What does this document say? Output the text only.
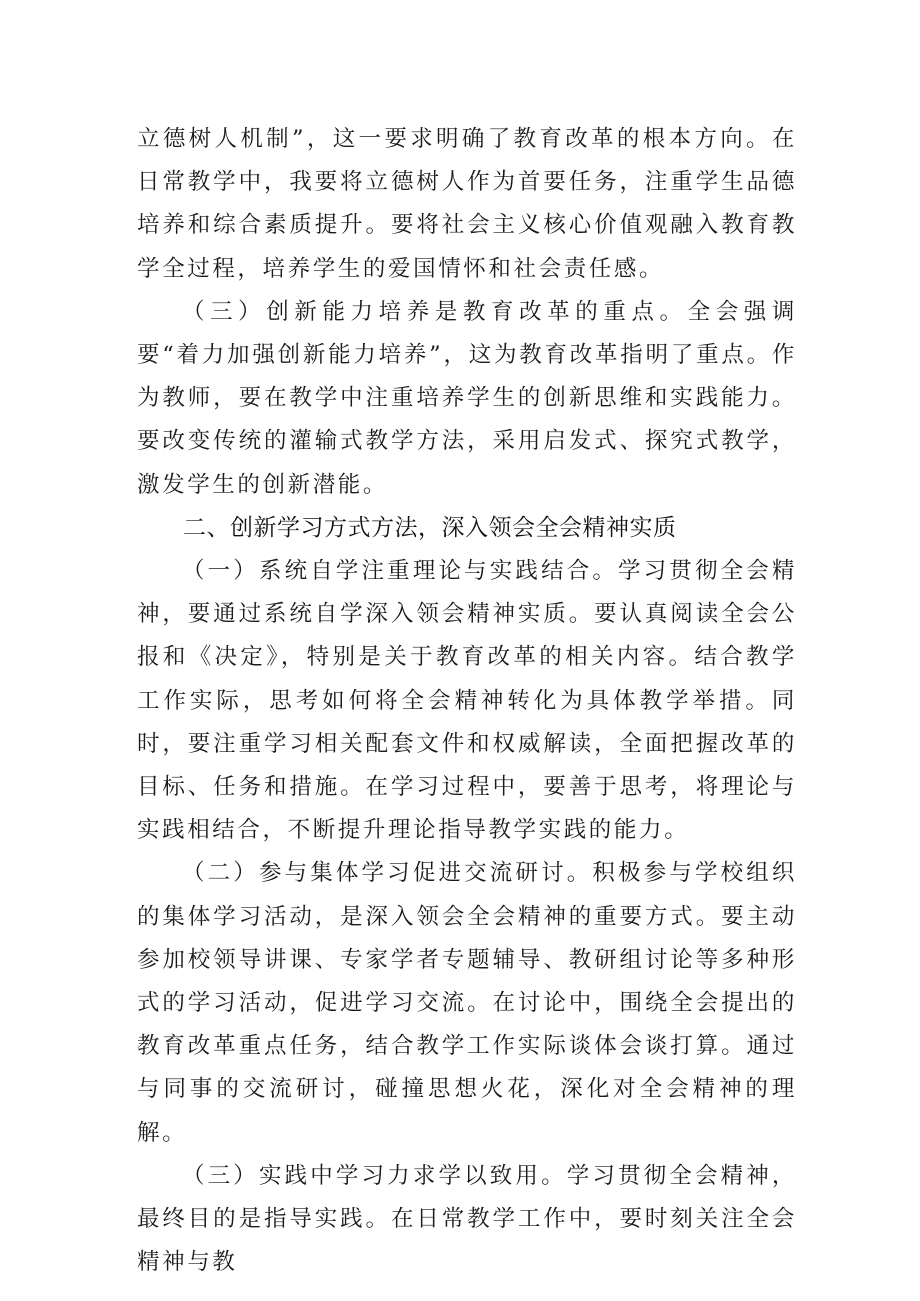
立德树人机制”，这一要求明确了教育改革的根本方向。在日常教学中，我要将立德树人作为首要任务，注重学生品德培养和综合素质提升。要将社会主义核心价值观融入教育教学全过程，培养学生的爱国情怀和社会责任感。

（三）创新能力培养是教育改革的重点。全会强调要“着力加强创新能力培养”，这为教育改革指明了重点。作为教师，要在教学中注重培养学生的创新思维和实践能力。要改变传统的灌输式教学方法，采用启发式、探究式教学，激发学生的创新潜能。

二、创新学习方式方法，深入领会全会精神实质

（一）系统自学注重理论与实践结合。学习贯彻全会精神，要通过系统自学深入领会精神实质。要认真阅读全会公报和《决定》，特别是关于教育改革的相关内容。结合教学工作实际，思考如何将全会精神转化为具体教学举措。同时，要注重学习相关配套文件和权威解读，全面把握改革的目标、任务和措施。在学习过程中，要善于思考，将理论与实践相结合，不断提升理论指导教学实践的能力。

（二）参与集体学习促进交流研讨。积极参与学校组织的集体学习活动，是深入领会全会精神的重要方式。要主动参加校领导讲课、专家学者专题辅导、教研组讨论等多种形式的学习活动，促进学习交流。在讨论中，围绕全会提出的教育改革重点任务，结合教学工作实际谈体会谈打算。通过与同事的交流研讨，碰撞思想火花，深化对全会精神的理解。

（三）实践中学习力求学以致用。学习贯彻全会精神，最终目的是指导实践。在日常教学工作中，要时刻关注全会精神与教
